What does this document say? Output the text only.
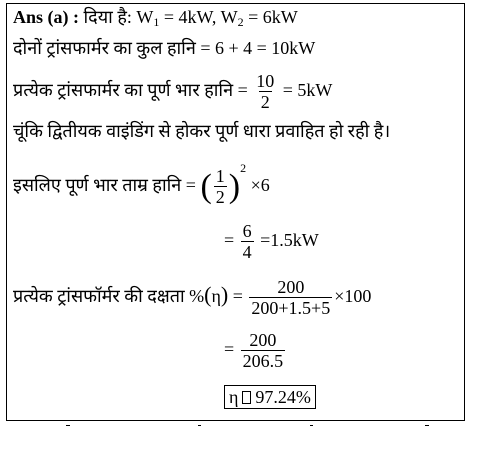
Ans (a) : दिया है: $W_1 = 4kW$, $W_2 = 6kW$
दोनों ट्रांसफार्मर का कुल हानि = 6 + 4 = 10kW
प्रत्येक ट्रांसफार्मर का पूर्ण भार हानि = $\frac{10}{2} = 5kW$
चूंकि द्वितीयक वाइंडिंग से होकर पूर्ण धारा प्रवाहित हो रही है।
इसलिए पूर्ण भार ताम्र हानि = ( $\frac{1}{2} )^2 \times 6$
= $\frac{6}{4} =1.5kW$
प्रत्येक ट्रांसफॉर्मर की दक्षता $\%(\eta) = \frac{200}{200+1.5+5} \times 100$
= $\frac{200}{206.5}$
η 97.24%
